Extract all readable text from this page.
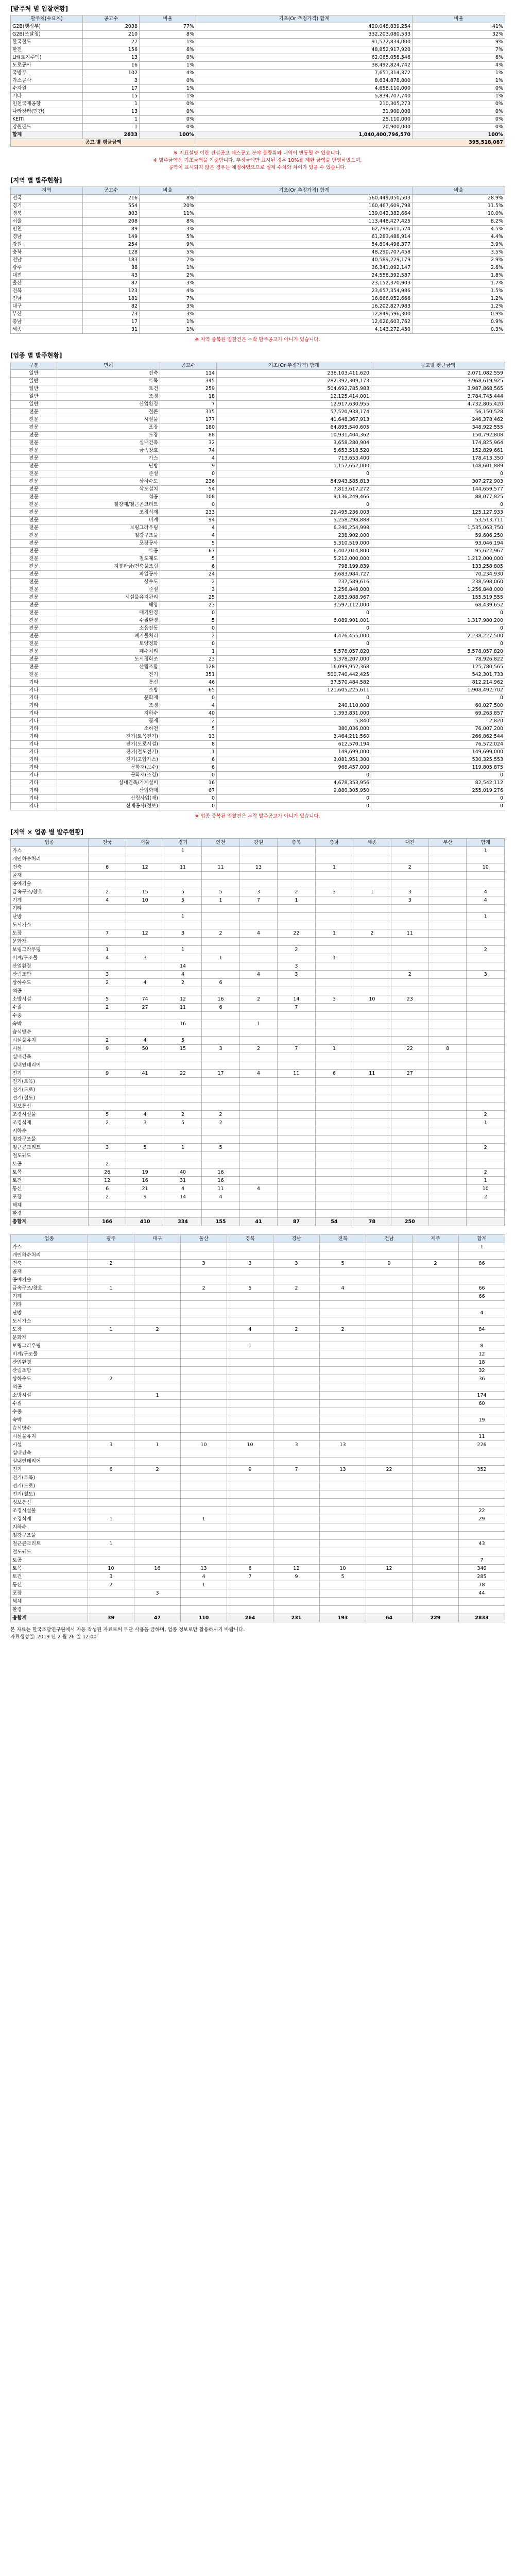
[발주처 별 입찰현황]
발주처(수요처)	공고수	비율	기초(Or 추정가격) 합계	비율
G2B(행정부)	2038	77%	420,048,839,254	41%
G2B(조달청)	210	8%	332,203,080,533	32%
한국철도	27	1%	91,572,834,000	9%
한전	156	6%	48,852,917,920	7%
LH(토지주택)	13	0%	62,065,058,546	6%
도로공사	16	1%	38,492,824,742	4%
국방부	102	4%	7,651,314,372	1%
가스공사	3	0%	8,634,878,800	1%
수자원	17	1%	4,658,110,000	0%
기타	15	1%	5,834,707,740	1%
인천국제공항	1	0%	210,305,273	0%
나라장터(민간)	13	0%	31,900,000	0%
KEITI	1	0%	25,110,000	0%
강원랜드	1	0%	20,900,000	0%
합계	2633	100%	1,040,400,796,570	100%
공고 별 평균금액			395,518,087	
※ 지표설명 이란 건설공고 테스공고 분야 물량위와 내역이 변동될 수 있습니다.
※ 발주금액은 기초금액을 기준합니다. 추정금액만 표시된 경우 10%를 제한 금액을 반영하였으며,
공역이 표시되지 않은 경우는 예정하였으므로 실제 수치와 차이가 있을 수 있습니다.
[지역 별 발주현황]
지역	공고수	비율	기초(Or 추정가격) 합계	비율
전국	216	8%	560,449,050,503	28.9%
경기	554	20%	160,467,609,798	11.5%
경북	303	11%	139,042,382,664	10.0%
서울	208	8%	113,448,427,425	8.2%
인천	89	3%	62,798,611,524	4.5%
경남	149	5%	61,283,488,914	4.4%
강원	254	9%	54,804,496,377	3.9%
충북	128	5%	48,290,707,458	3.5%
전남	183	7%	40,589,229,179	2.9%
광주	38	1%	36,341,092,147	2.6%
대전	43	2%	24,558,392,587	1.8%
울산	87	3%	23,152,370,903	1.7%
전북	123	4%	23,657,354,986	1.5%
전남	181	7%	16,866,052,666	1.2%
대구	82	3%	16,202,827,983	1.2%
부산	73	3%	12,849,596,300	0.9%
충남	17	1%	12,626,603,762	0.9%
세종	31	1%	4,143,272,450	0.3%
※ 지역 중복된 입찰건은 누락 발주공고가 아니가 있습니다.
[업종 별 발주현황]
구분	면허	공고수	기초(Or 추정가격) 합계	공고별 평균금액
일반	건축	114	236,103,411,620	2,071,082,559
일반	토목	345	282,392,309,173	3,968,619,925
일반	토건	259	504,692,785,983	3,987,868,565
일반	조경	18	12,125,414,001	3,784,745,444
일반	산업환경	7	12,917,630,955	4,732,805,420
전문	철콘	315	57,520,938,174	56,150,528
전문	시설물	177	41,648,367,913	246,378,462
전문	포장	180	64,895,540,605	348,922,555
전문	도장	88	10,931,404,362	150,792,808
전문	실내건축	32	3,658,280,904	174,825,964
전문	금속창호	74	5,653,518,520	152,829,661
전문	가스	4	713,653,400	178,413,350
전문	난방	9	1,157,652,000	148,601,889
전문	준설	0	0	0
전문	상하수도	236	84,943,585,813	307,272,903
전문	삭도설치	54	7,813,617,272	144,659,577
전문	석공	108	9,136,249,466	88,077,825
전문	철강재/철근콘크리트	0	0	0
전문	조경식재	233	29,495,236,003	125,127,933
전문	비계	94	5,258,298,888	53,513,711
전문	보링그라우팅	4	6,240,254,998	1,535,063,750
전문	철강구조물	4	238,902,000	59,606,250
전문	포장공사	5	5,310,519,000	93,046,194
전문	토공	67	6,407,014,800	95,622,967
전문	철도궤도	5	5,212,000,000	1,212,000,000
전문	지붕판금/건축물조립	6	798,199,839	133,258,805
전문	파일공사	24	3,683,984,727	70,234,930
전문	상수도	2	237,589,616	238,598,060
전문	준설	3	3,256,848,000	1,256,848,000
전문	시설물유지관리	25	2,853,988,967	155,519,555
전문	해양	23	3,597,112,000	68,439,652
전문	대기환경	0	0	0
전문	수질환경	5	6,089,901,001	1,317,980,200
전문	소음진동	0	0	0
전문	폐기물처리	2	4,476,455,000	2,238,227,500
전문	토양정화	0	0	0
전문	폐수처리	1	5,578,057,820	5,578,057,820
전문	도시정화조	23	5,378,207,000	78,926,822
전문	산림조합	128	16,099,952,368	125,780,565
전문	전기	351	500,740,442,425	542,301,733
기타	통신	46	37,570,484,582	812,214,962
기타	소방	65	121,605,225,611	1,908,492,702
기타	문화재	0	0	0
기타	조경	4	240,110,000	60,027,500
기타	지하수	40	1,393,831,000	69,263,857
기타	골재	2	5,840	2,820
기타	소하천	5	380,036,000	76,007,200
기타	전기(토목전기)	13	3,464,211,560	266,862,544
기타	전기(도로시설)	8	612,570,194	76,572,024
기타	전기(철도전기)	1	149,699,000	149,699,000
기타	전기(고압가스)	6	3,081,951,300	530,325,553
기타	문화재(보수)	6	968,457,000	119,805,875
기타	문화재(조경)	0	0	0
기타	실내건축/기계설비	16	4,678,353,956	82,542,112
기타	산업화재	67	9,880,305,950	255,019,276
기타	산림사업(재)	0	0	0
기타	산재공사(정보)	0	0	0
※ 업종 중복된 입찰건은 누락 발주공고가 아니가 있습니다.
[지역 × 업종 별 발주현황]
업종	전국	서울	경기	인천	강원	충북	충남	세종	대전	부산	합계
가스			1								1
개인하수처리											
건축	6	12	11	11	13		1		2		10
골재											
공예기술											
금속구조/창호	2	15	5	5	3	2	3	1	3		4
기계	4	10	5	1	7	1			3		4
기타											
난방			1								1
도시가스											
도장	7	12	3	2	4	22	1	2	11		
문화재											
보링그라우팅	1		1			2					2
비계/구조물	4	3		1			1				
산업환경			14			3					
산림조합	3		4		4	3			2		3
상하수도	2	4	2	6							
석공											
소방시설	5	74	12	16	2	14	3	10	23		
수질	2	27	11	6		7					
수중											
숙박			16		1						
습식방수											
시설물유지	2	4	5								
시설	9	50	15	3	2	7	1		22	8	
실내건축											
실내인테리어											
전기	9	41	22	17	4	11	6	11	27		
전기(토목)											
전기(도로)											
전기(철도)											
정보통신											
조경시설물	5	4	2	2							2
조경식재	2	3	5	2							1
지하수											
철강구조물											
철근콘크리트	3	5	1	5							2
철도궤도											
토공	2										
토목	26	19	40	16							2
토건	12	16	31	16							1
통신	6	21	4	11	4						10
포장	2	9	14	4							2
해체											
환경											
총합계	166	410	334	155	41	87	54	78	250		
업종	광주	대구	울산	경북	경남	전북	전남	제주	합계
가스									1
개인하수처리									
건축	2		3	3	3	5	9	2	86
골재									
공예기술									
금속구조/창호	1		2	5	2	4			66
기계									66
기타									
난방									4
도시가스									
도장	1	2		4	2	2			84
문화재									
보링그라우팅				1					8
비계/구조물									12
산업환경									18
산림조합									32
상하수도	2								36
석공									
소방시설		1							174
수질									60
수중									
숙박									19
습식방수									
시설물유지									11
시설	3	1	10	10	3	13			226
실내건축									
실내인테리어									
전기	6	2		9	7	13	22		352
전기(토목)									
전기(도로)									
전기(철도)									
정보통신									
조경시설물									22
조경식재	1		1						29
지하수									
철강구조물									
철근콘크리트	1								43
철도궤도									
토공									7
토목	10	16	13	6	12	10	12		340
토건	3		4	7	9	5			285
통신	2		1						78
포장		3							44
해체									
환경									
총합계	39	47	110	264	231	193	64	229	2833
본 자료는 한국조달연구원에서 자동 작성된 자료로써 무단 사용을 금하며, 업종 정보로만 활용하시기 바랍니다.
자료생성일: 2019 년 2 월 26 일 12:00
